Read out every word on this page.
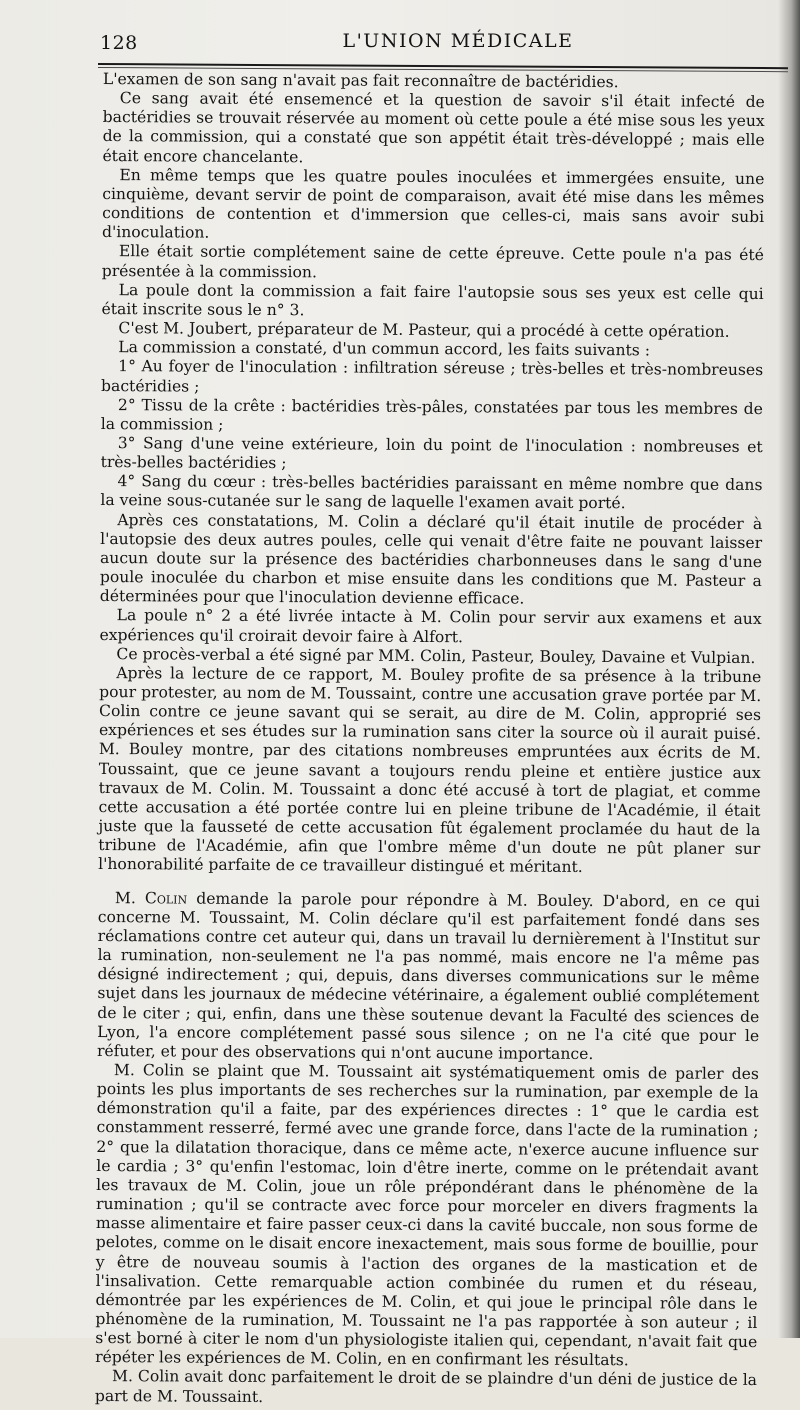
128	L'UNION MÉDICALE

L'examen de son sang n'avait pas fait reconnaître de bactéridies.

Ce sang avait été ensemencé et la question de savoir s'il était infecté de bactéridies se trouvait réservée au moment où cette poule a été mise sous les yeux de la commission, qui a constaté que son appétit était très-développé ; mais elle était encore chancelante.

En même temps que les quatre poules inoculées et immergées ensuite, une cinquième, devant servir de point de comparaison, avait été mise dans les mêmes conditions de contention et d'immersion que celles-ci, mais sans avoir subi d'inoculation.

Elle était sortie complétement saine de cette épreuve. Cette poule n'a pas été présentée à la commission.

La poule dont la commission a fait faire l'autopsie sous ses yeux est celle qui était inscrite sous le n° 3.

C'est M. Joubert, préparateur de M. Pasteur, qui a procédé à cette opération.

La commission a constaté, d'un commun accord, les faits suivants :

1° Au foyer de l'inoculation : infiltration séreuse ; très-belles et très-nombreuses bactéridies ;

2° Tissu de la crête : bactéridies très-pâles, constatées par tous les membres de la commission ;

3° Sang d'une veine extérieure, loin du point de l'inoculation : nombreuses et très-belles bactéridies ;

4° Sang du cœur : très-belles bactéridies paraissant en même nombre que dans la veine sous-cutanée sur le sang de laquelle l'examen avait porté.

Après ces constatations, M. Colin a déclaré qu'il était inutile de procéder à l'autopsie des deux autres poules, celle qui venait d'être faite ne pouvant laisser aucun doute sur la présence des bactéridies charbonneuses dans le sang d'une poule inoculée du charbon et mise ensuite dans les conditions que M. Pasteur a déterminées pour que l'inoculation devienne efficace.

La poule n° 2 a été livrée intacte à M. Colin pour servir aux examens et aux expériences qu'il croirait devoir faire à Alfort.

Ce procès-verbal a été signé par MM. Colin, Pasteur, Bouley, Davaine et Vulpian.

Après la lecture de ce rapport, M. Bouley profite de sa présence à la tribune pour protester, au nom de M. Toussaint, contre une accusation grave portée par M. Colin contre ce jeune savant qui se serait, au dire de M. Colin, approprié ses expériences et ses études sur la rumination sans citer la source où il aurait puisé. M. Bouley montre, par des citations nombreuses empruntées aux écrits de M. Toussaint, que ce jeune savant a toujours rendu pleine et entière justice aux travaux de M. Colin. M. Toussaint a donc été accusé à tort de plagiat, et comme cette accusation a été portée contre lui en pleine tribune de l'Académie, il était juste que la fausseté de cette accusation fût également proclamée du haut de la tribune de l'Académie, afin que l'ombre même d'un doute ne pût planer sur l'honorabilité parfaite de ce travailleur distingué et méritant.

M. Colin demande la parole pour répondre à M. Bouley. D'abord, en ce qui concerne M. Toussaint, M. Colin déclare qu'il est parfaitement fondé dans ses réclamations contre cet auteur qui, dans un travail lu dernièrement à l'Institut sur la rumination, non-seulement ne l'a pas nommé, mais encore ne l'a même pas désigné indirectement ; qui, depuis, dans diverses communications sur le même sujet dans les journaux de médecine vétérinaire, a également oublié complétement de le citer ; qui, enfin, dans une thèse soutenue devant la Faculté des sciences de Lyon, l'a encore complétement passé sous silence ; on ne l'a cité que pour le réfuter, et pour des observations qui n'ont aucune importance.

M. Colin se plaint que M. Toussaint ait systématiquement omis de parler des points les plus importants de ses recherches sur la rumination, par exemple de la démonstration qu'il a faite, par des expériences directes : 1° que le cardia est constamment resserré, fermé avec une grande force, dans l'acte de la rumination ; 2° que la dilatation thoracique, dans ce même acte, n'exerce aucune influence sur le cardia ; 3° qu'enfin l'estomac, loin d'être inerte, comme on le prétendait avant les travaux de M. Colin, joue un rôle prépondérant dans le phénomène de la rumination ; qu'il se contracte avec force pour morceler en divers fragments la masse alimentaire et faire passer ceux-ci dans la cavité buccale, non sous forme de pelotes, comme on le disait encore inexactement, mais sous forme de bouillie, pour y être de nouveau soumis à l'action des organes de la mastication et de l'insalivation. Cette remarquable action combinée du rumen et du réseau, démontrée par les expériences de M. Colin, et qui joue le principal rôle dans le phénomène de la rumination, M. Toussaint ne l'a pas rapportée à son auteur ; il s'est borné à citer le nom d'un physiologiste italien qui, cependant, n'avait fait que répéter les expériences de M. Colin, en en confirmant les résultats.

M. Colin avait donc parfaitement le droit de se plaindre d'un déni de justice de la part de M. Toussaint.
